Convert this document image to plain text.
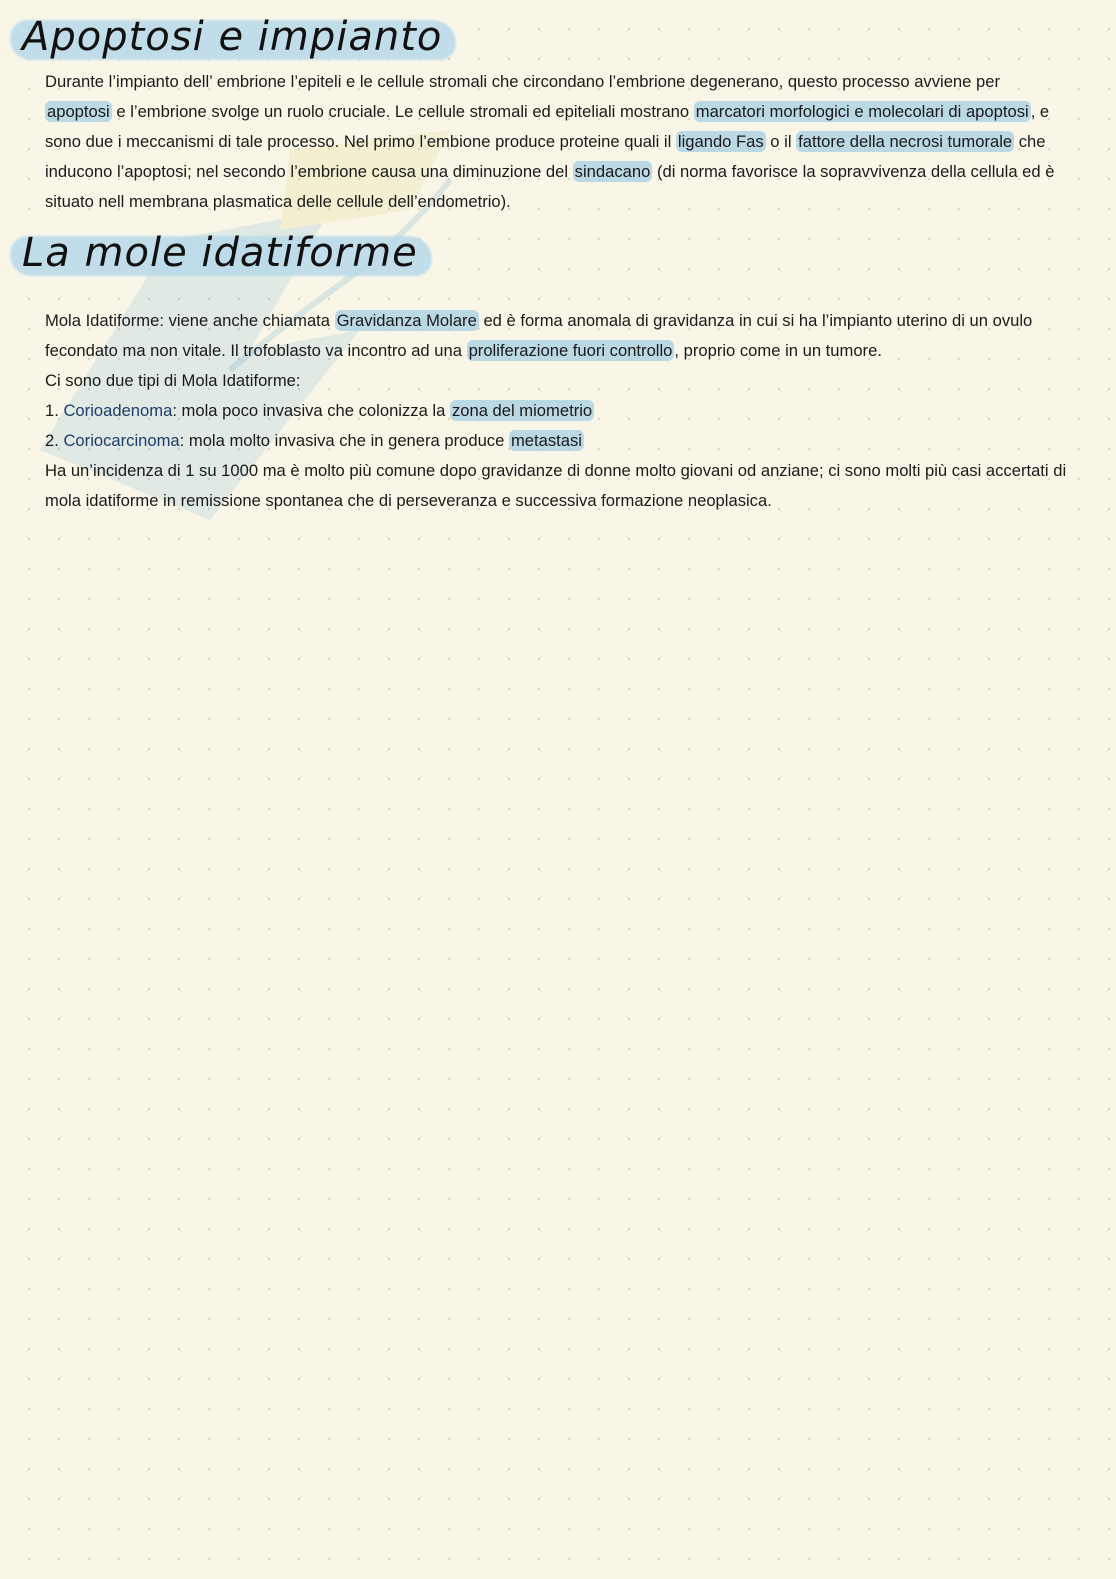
Apoptosi e impianto

Durante l’impianto dell’ embrione l’epiteli e le cellule stromali che circondano l’embrione degenerano, questo processo avviene per apoptosi e l’embrione svolge un ruolo cruciale. Le cellule stromali ed epiteliali mostrano marcatori morfologici e molecolari di apoptosi , e sono due i meccanismi di tale processo. Nel primo l’embione produce proteine quali il ligando Fas o il fattore della necrosi tumorale che inducono l’apoptosi; nel secondo l’embrione causa una diminuzione del sindacano (di norma favorisce la sopravvivenza della cellula ed è situato nell membrana plasmatica delle cellule dell’endometrio).

La mole idatiforme
Mola Idatiforme: viene anche chiamata Gravidanza Molare ed è forma anomala di gravidanza in cui si ha l’impianto uterino di un ovulo fecondato ma non vitale. Il trofoblasto va incontro ad una proliferazione fuori controllo , proprio come in un tumore.
Ci sono due tipi di Mola Idatiforme:
1. Corioadenoma: mola poco invasiva che colonizza la zona del miometrio
2. Coriocarcinoma: mola molto invasiva che in genera produce metastasi
Ha un’incidenza di 1 su 1000 ma è molto più comune dopo gravidanze di donne molto giovani od anziane; ci sono molti più casi accertati di mola idatiforme in remissione spontanea che di perseveranza e successiva formazione neoplasica.
